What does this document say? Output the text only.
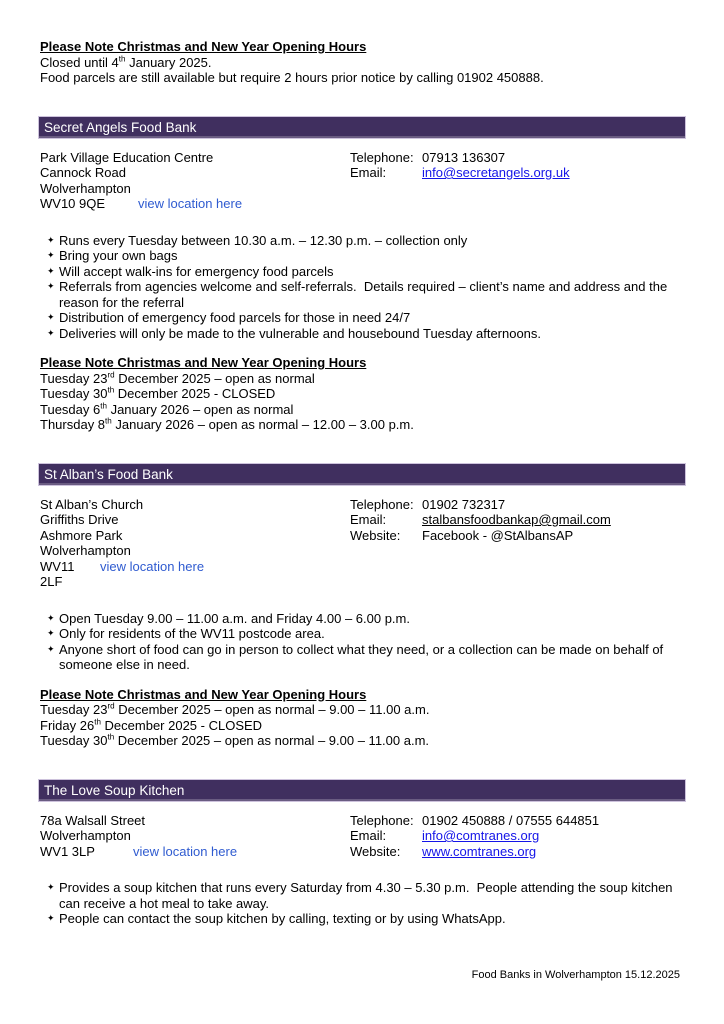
Please Note Christmas and New Year Opening Hours
Closed until 4th January 2025.
Food parcels are still available but require 2 hours prior notice by calling 01902 450888.
Secret Angels Food Bank
Park Village Education Centre
Cannock Road
Wolverhampton
WV10 9QE	view location here
Telephone: 07913 136307
Email:	info@secretangels.org.uk
✦ Runs every Tuesday between 10.30 a.m. – 12.30 p.m. – collection only
✦ Bring your own bags
✦ Will accept walk-ins for emergency food parcels
✦ Referrals from agencies welcome and self-referrals.  Details required – client’s name and address and the reason for the referral
✦ Distribution of emergency food parcels for those in need 24/7
✦ Deliveries will only be made to the vulnerable and housebound Tuesday afternoons.
Please Note Christmas and New Year Opening Hours
Tuesday 23rd December 2025 – open as normal
Tuesday 30th December 2025 - CLOSED
Tuesday 6th January 2026 – open as normal
Thursday 8th January 2026 – open as normal – 12.00 – 3.00 p.m.
St Alban’s Food Bank
St Alban’s Church
Griffiths Drive
Ashmore Park
Wolverhampton
WV11 2LF
view location here
Telephone: 01902 732317
Email:	stalbansfoodbankap@gmail.com
Website:	Facebook - @StAlbansAP
✦ Open Tuesday 9.00 – 11.00 a.m. and Friday 4.00 – 6.00 p.m.
✦ Only for residents of the WV11 postcode area.
✦ Anyone short of food can go in person to collect what they need, or a collection can be made on behalf of someone else in need.
Please Note Christmas and New Year Opening Hours
Tuesday 23rd December 2025 – open as normal – 9.00 – 11.00 a.m.
Friday 26th December 2025 - CLOSED
Tuesday 30th December 2025 – open as normal – 9.00 – 11.00 a.m.
The Love Soup Kitchen
78a Walsall Street
Wolverhampton
WV1 3LP	view location here
Telephone: 01902 450888 / 07555 644851
Email:	info@comtranes.org
Website:	www.comtranes.org
✦ Provides a soup kitchen that runs every Saturday from 4.30 – 5.30 p.m.  People attending the soup kitchen can receive a hot meal to take away.
✦ People can contact the soup kitchen by calling, texting or by using WhatsApp.
Food Banks in Wolverhampton 15.12.2025
